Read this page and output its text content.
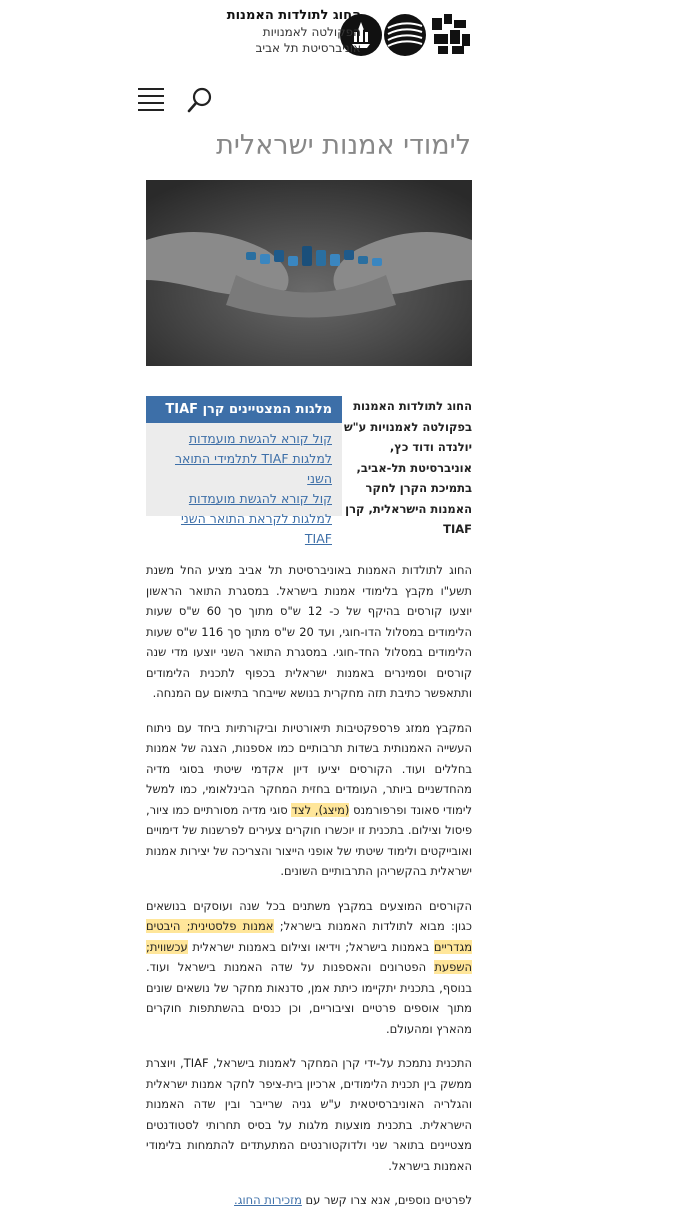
החוג לתולדות האמנות
הפקולטה לאמנויות
אוניברסיטת תל אביב
לימודי אמנות ישראלית
מלגות המצטיינים קרן TIAF
קול קורא להגשת מועמדות למלגות TIAF לתלמידי התואר השני
קול קורא להגשת מועמדות למלגות לקראת התואר השני TIAF
החוג לתולדות האמנות בפקולטה לאמנויות ע"ש יולנדה ודוד כץ, אוניברסיטת תל-אביב, בתמיכת הקרן לחקר האמנות הישראלית, קרן TIAF

החוג לתולדות האמנות באוניברסיטת תל אביב מציע החל משנת תשע"ו מקבץ בלימודי אמנות בישראל. במסגרת התואר הראשון יוצעו קורסים בהיקף של כ- 12 ש"ס מתוך סך 60 ש"ס שעות הלימודים במסלול הדו-חוגי, ועד 20 ש"ס מתוך סך 116 ש"ס שעות הלימודים במסלול החד-חוגי. במסגרת התואר השני יוצעו מדי שנה קורסים וסמינרים באמנות ישראלית בכפוף לתכנית הלימודים ותתאפשר כתיבת תזה מחקרית בנושא שייבחר בתיאום עם המנחה.

המקבץ ממזג פרספקטיבות תיאורטיות וביקורתיות ביחד עם ניתוח העשייה האמנותית בשדות תרבותיים כמו אספנות, הצגה של אמנות בחללים ועוד. הקורסים יציעו דיון אקדמי שיטתי בסוגי מדיה מהחדשניים ביותר, העומדים בחזית המחקר הבינלאומי, כמו למשל לימודי סאונד ופרפורמנס (מיצג), לצד סוגי מדיה מסורתיים כמו ציור, פיסול וצילום. בתכנית זו יוכשרו חוקרים צעירים לפרשנות של דימויים ואובייקטים ולימוד שיטתי של אופני הייצור והצריכה של יצירות אמנות ישראלית בהקשריהן התרבותיים השונים.

הקורסים המוצעים במקבץ משתנים בכל שנה ועוסקים בנושאים כגון: מבוא לתולדות האמנות בישראל; אמנות פלסטינית; היבטים מגדריים באמנות בישראל; וידיאו וצילום באמנות ישראלית עכשווית; השפעת הפטרונים והאספנות על שדה האמנות בישראל ועוד. בנוסף, בתכנית יתקיימו כיתת אמן, סדנאות מחקר של נושאים שונים מתוך אוספים פרטיים וציבוריים, וכן כנסים בהשתתפות חוקרים מהארץ ומהעולם.

התכנית נתמכת על-ידי קרן המחקר לאמנות בישראל, TIAF, ויוצרת ממשק בין תכנית הלימודים, ארכיון בית-ציפר לחקר אמנות ישראלית והגלריה האוניברסיטאית ע"ש גניה שרייבר ובין שדה האמנות הישראלית. בתכנית מוצעות מלגות על בסיס תחרותי לסטודנטים מצטיינים בתואר שני ולדוקטורנטים המתעתדים להתמחות בלימודי האמנות בישראל.

לפרטים נוספים, אנא צרו קשר עם מזכירות החוג.
